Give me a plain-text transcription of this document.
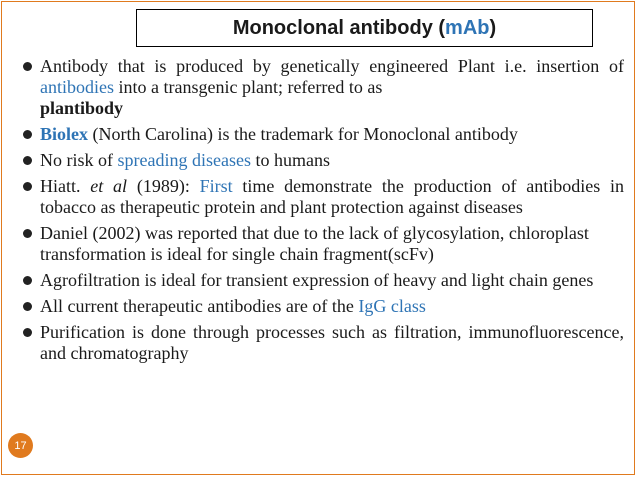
Monoclonal antibody ( mAb )
Antibody that is produced by genetically engineered Plant i.e. insertion of antibodies into a transgenic plant; referred to as
plantibody
Biolex (North Carolina) is the trademark for Monoclonal antibody
No risk of spreading diseases to humans
Hiatt. et al (1989): First time demonstrate the production of antibodies in tobacco as therapeutic protein and plant protection against diseases
Daniel (2002) was reported that due to the lack of glycosylation, chloroplast transformation is ideal for single chain fragment(scFv)
Agrofiltration is ideal for transient expression of heavy and light chain genes
All current therapeutic antibodies are of the IgG class
Purification is done through processes such as filtration, immunofluorescence, and chromatography
17
